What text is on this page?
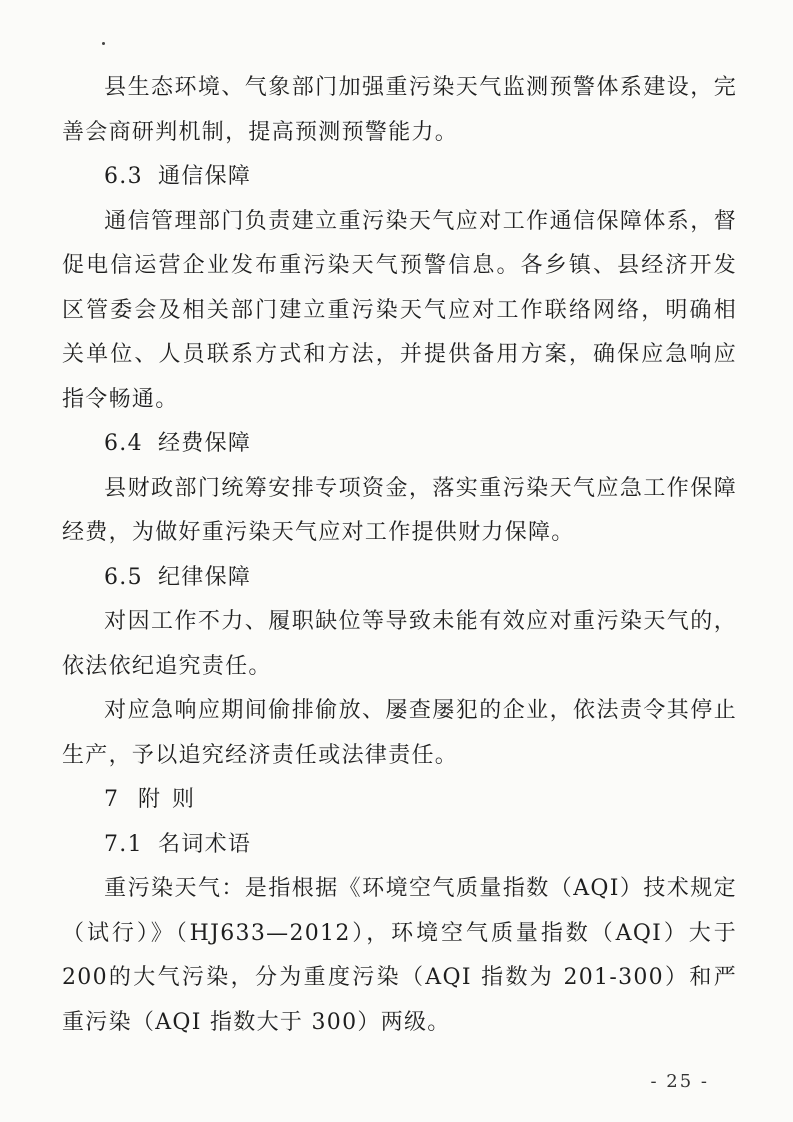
县生态环境、气象部门加强重污染天气监测预警体系建设，完善会商研判机制，提高预测预警能力。

6.3 通信保障

通信管理部门负责建立重污染天气应对工作通信保障体系，督促电信运营企业发布重污染天气预警信息。各乡镇、县经济开发区管委会及相关部门建立重污染天气应对工作联络网络，明确相关单位、人员联系方式和方法，并提供备用方案，确保应急响应指令畅通。

6.4 经费保障

县财政部门统筹安排专项资金，落实重污染天气应急工作保障经费，为做好重污染天气应对工作提供财力保障。

6.5 纪律保障

对因工作不力、履职缺位等导致未能有效应对重污染天气的，依法依纪追究责任。

对应急响应期间偷排偷放、屡查屡犯的企业，依法责令其停止生产，予以追究经济责任或法律责任。

7 附则

7.1 名词术语

重污染天气：是指根据《环境空气质量指数（AQI）技术规定（试行）》（HJ633—2012），环境空气质量指数（AQI）大于200的大气污染，分为重度污染（AQI 指数为 201-300）和严重污染（AQI 指数大于 300）两级。

- 25 -
